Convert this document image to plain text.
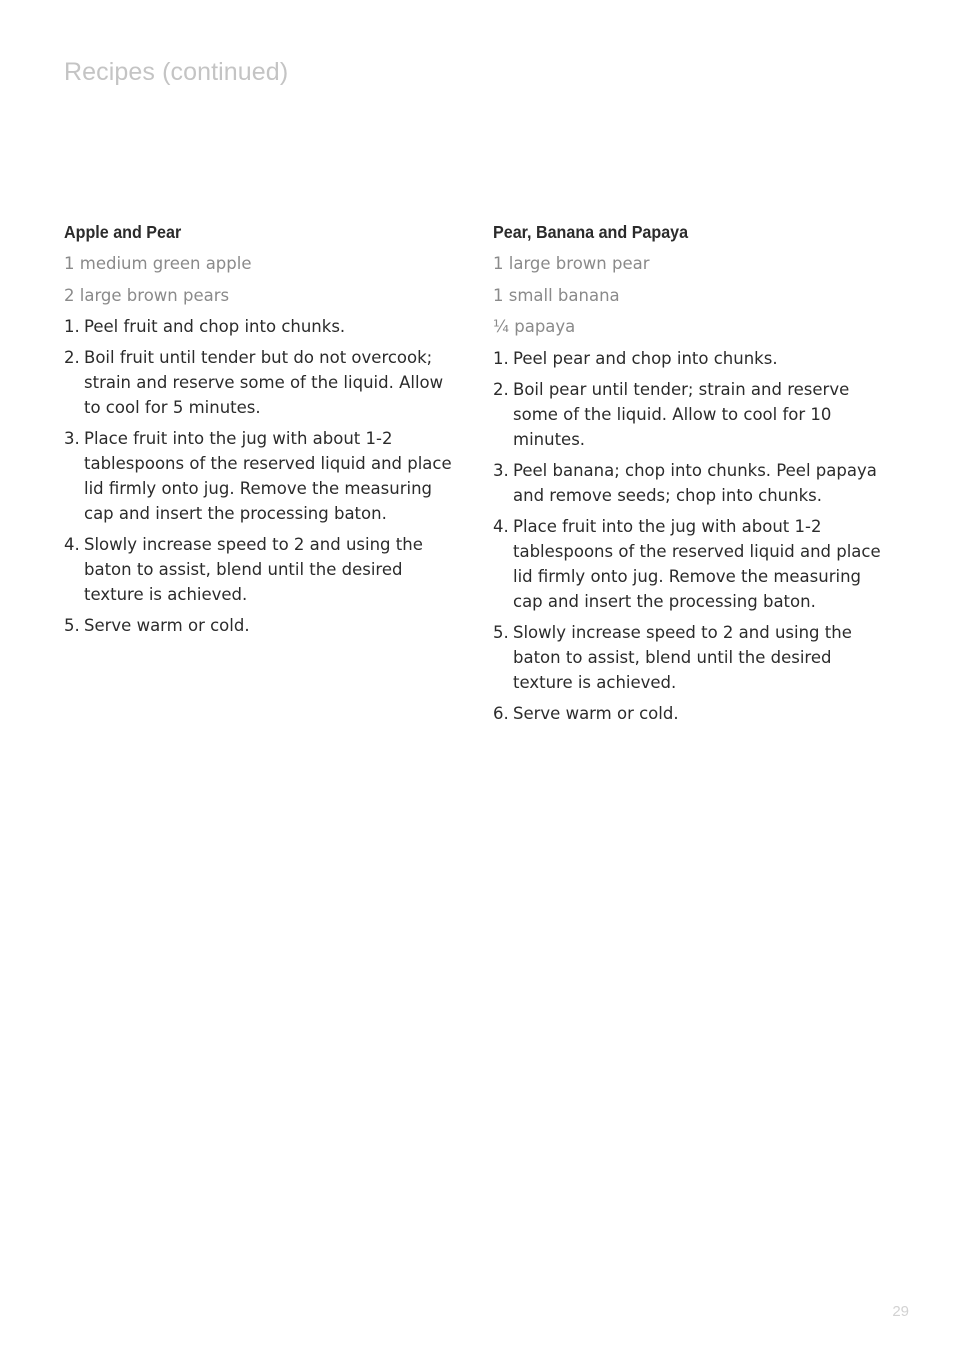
Recipes (continued)
Apple and Pear
1 medium green apple
2 large brown pears
1. Peel fruit and chop into chunks.
2. Boil fruit until tender but do not overcook; strain and reserve some of the liquid. Allow to cool for 5 minutes.
3. Place fruit into the jug with about 1-2 tablespoons of the reserved liquid and place lid firmly onto jug. Remove the measuring cap and insert the processing baton.
4. Slowly increase speed to 2 and using the baton to assist, blend until the desired texture is achieved.
5. Serve warm or cold.
Pear, Banana and Papaya
1 large brown pear
1 small banana
¼ papaya
1. Peel pear and chop into chunks.
2. Boil pear until tender; strain and reserve some of the liquid. Allow to cool for 10 minutes.
3. Peel banana; chop into chunks. Peel papaya and remove seeds; chop into chunks.
4. Place fruit into the jug with about 1-2 tablespoons of the reserved liquid and place lid firmly onto jug. Remove the measuring cap and insert the processing baton.
5. Slowly increase speed to 2 and using the baton to assist, blend until the desired texture is achieved.
6. Serve warm or cold.
29
